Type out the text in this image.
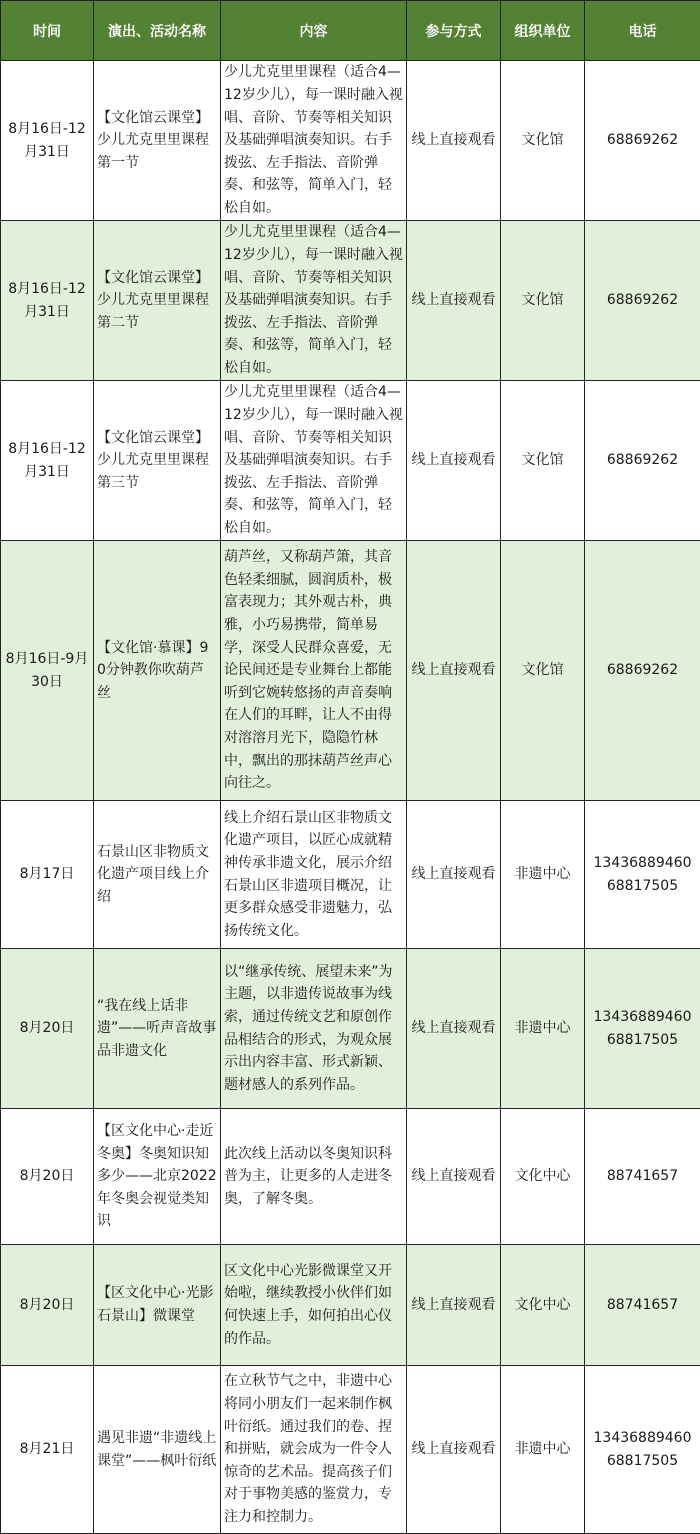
时间	演出、活动名称	内容	参与方式	组织单位	电话
8月16日-12月31日	【文化馆云课堂】少儿尤克里里课程第一节	少儿尤克里里课程（适合4—12岁少儿），每一课时融入视唱、音阶、节奏等相关知识及基础弹唱演奏知识。右手拨弦、左手指法、音阶弹奏、和弦等，简单入门，轻松自如。	线上直接观看	文化馆	68869262
8月16日-12月31日	【文化馆云课堂】少儿尤克里里课程第二节	少儿尤克里里课程（适合4—12岁少儿），每一课时融入视唱、音阶、节奏等相关知识及基础弹唱演奏知识。右手拨弦、左手指法、音阶弹奏、和弦等，简单入门，轻松自如。	线上直接观看	文化馆	68869262
8月16日-12月31日	【文化馆云课堂】少儿尤克里里课程第三节	少儿尤克里里课程（适合4—12岁少儿），每一课时融入视唱、音阶、节奏等相关知识及基础弹唱演奏知识。右手拨弦、左手指法、音阶弹奏、和弦等，简单入门，轻松自如。	线上直接观看	文化馆	68869262
8月16日-9月30日	【文化馆·慕课】90分钟教你吹葫芦丝	葫芦丝，又称葫芦箫，其音色轻柔细腻，圆润质朴，极富表现力；其外观古朴，典雅，小巧易携带，简单易学，深受人民群众喜爱，无论民间还是专业舞台上都能听到它婉转悠扬的声音奏响在人们的耳畔，让人不由得对溶溶月光下，隐隐竹林中，飘出的那抹葫芦丝声心向往之。	线上直接观看	文化馆	68869262
8月17日	石景山区非物质文化遗产项目线上介绍	线上介绍石景山区非物质文化遗产项目，以匠心成就精神传承非遗文化，展示介绍石景山区非遗项目概况，让更多群众感受非遗魅力，弘扬传统文化。	线上直接观看	非遗中心	13436889460 68817505
8月20日	“我在线上话非遗”——听声音故事品非遗文化	以“继承传统、展望未来”为主题，以非遗传说故事为线索，通过传统文艺和原创作品相结合的形式，为观众展示出内容丰富、形式新颖、题材感人的系列作品。	线上直接观看	非遗中心	13436889460 68817505
8月20日	【区文化中心·走近冬奥】冬奥知识知多少——北京2022年冬奥会视觉类知识	此次线上活动以冬奥知识科普为主，让更多的人走进冬奥，了解冬奥。	线上直接观看	文化中心	88741657
8月20日	【区文化中心·光影石景山】微课堂	区文化中心光影微课堂又开始啦，继续教授小伙伴们如何快速上手，如何拍出心仪的作品。	线上直接观看	文化中心	88741657
8月21日	遇见非遗“非遗线上课堂”——枫叶衍纸	在立秋节气之中，非遗中心将同小朋友们一起来制作枫叶衍纸。通过我们的卷、捏和拼贴，就会成为一件令人惊奇的艺术品。提高孩子们对于事物美感的鉴赏力，专注力和控制力。	线上直接观看	非遗中心	13436889460 68817505
